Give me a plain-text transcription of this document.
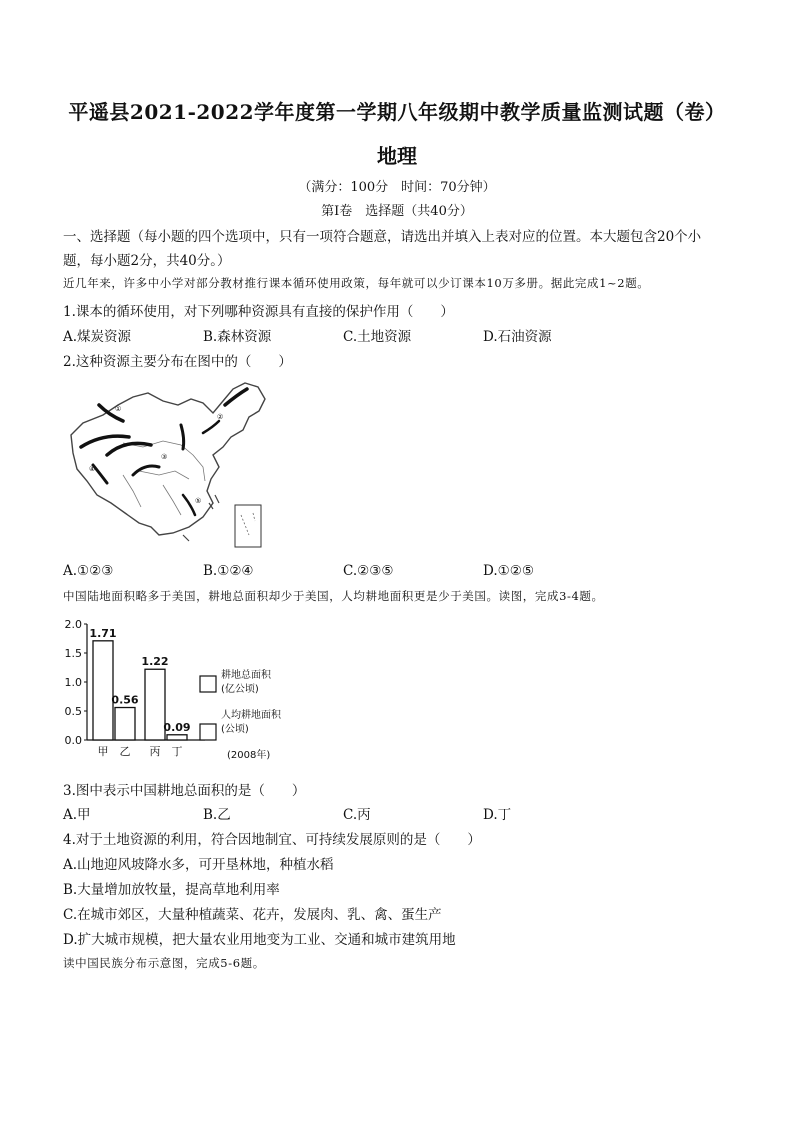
平遥县2021-2022学年度第一学期八年级期中教学质量监测试题（卷）
地理
（满分：100分　时间：70分钟）
第Ⅰ卷　选择题（共40分）
一、选择题（每小题的四个选项中，只有一项符合题意，请选出并填入上表对应的位置。本大题包含20个小
题，每小题2分，共40分。）
近几年来，许多中小学对部分教材推行课本循环使用政策，每年就可以少订课本10万多册。据此完成1~2题。
1.课本的循环使用，对下列哪种资源具有直接的保护作用（　　）
A.煤炭资源	B.森林资源	C.土地资源	D.石油资源
2.这种资源主要分布在图中的（　　）
①
②
③
④
⑤
A.①②③	B.①②④	C.②③⑤	D.①②⑤
中国陆地面积略多于美国，耕地总面积却少于美国，人均耕地面积更是少于美国。读图，完成3-4题。
0.0
0.5
1.0
1.5
2.0
1.71
甲
0.56
乙
1.22
丙
0.09
丁
耕地总面积
(亿公顷)
人均耕地面积
(公顷)
(2008年)
3.图中表示中国耕地总面积的是（　　）
A.甲	B.乙	C.丙	D.丁
4.对于土地资源的利用，符合因地制宜、可持续发展原则的是（　　）
A.山地迎风坡降水多，可开垦林地，种植水稻
B.大量增加放牧量，提高草地利用率
C.在城市郊区，大量种植蔬菜、花卉，发展肉、乳、禽、蛋生产
D.扩大城市规模，把大量农业用地变为工业、交通和城市建筑用地
读中国民族分布示意图，完成5-6题。
